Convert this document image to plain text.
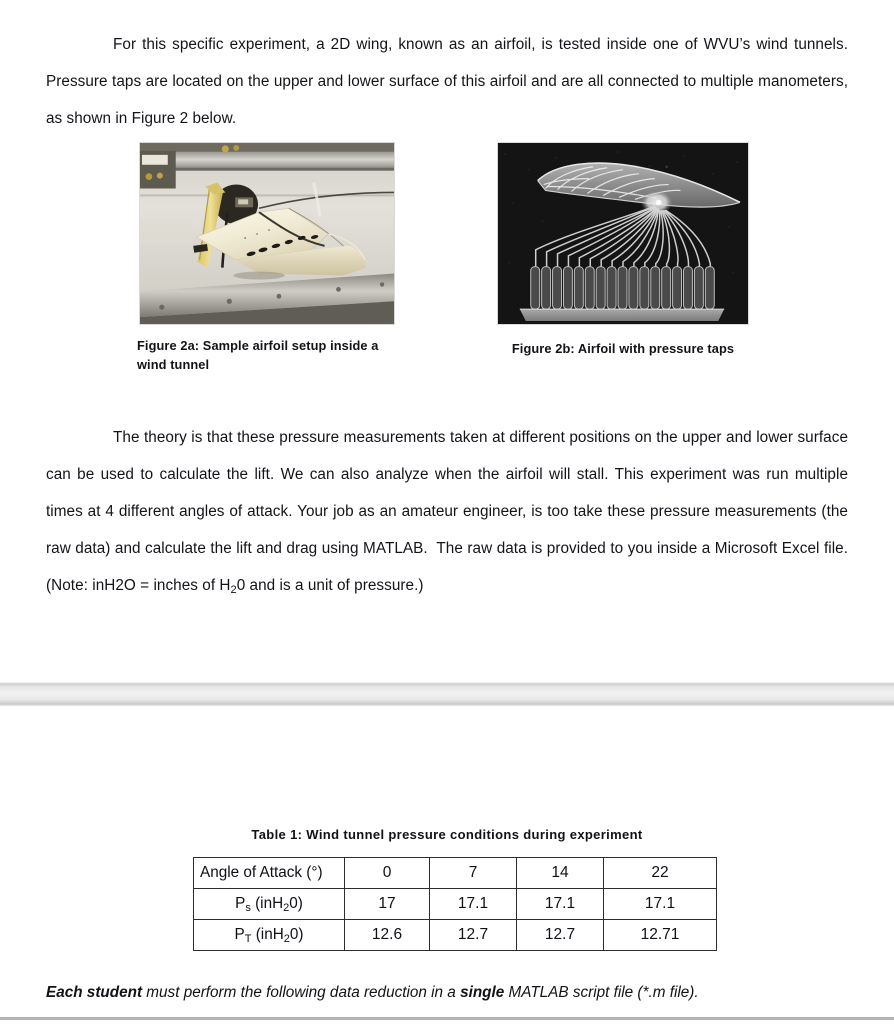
For this specific experiment, a 2D wing, known as an airfoil, is tested inside one of WVU’s wind tunnels. Pressure taps are located on the upper and lower surface of this airfoil and are all connected to multiple manometers, as shown in Figure 2 below.

Figure 2a: Sample airfoil setup inside a wind tunnel
Figure 2b: Airfoil with pressure taps

The theory is that these pressure measurements taken at different positions on the upper and lower surface can be used to calculate the lift. We can also analyze when the airfoil will stall. This experiment was run multiple times at 4 different angles of attack. Your job as an amateur engineer, is too take these pressure measurements (the raw data) and calculate the lift and drag using MATLAB.  The raw data is provided to you inside a Microsoft Excel file. (Note: inH2O = inches of $H_20$ and is a unit of pressure.)

Table 1: Wind tunnel pressure conditions during experiment
Angle of Attack (°)	0	7	14	22
$P_s$ (inH$_2$0)	17	17.1	17.1	17.1
$P_T$ (inH$_2$0)	12.6	12.7	12.7	12.71
Each student must perform the following data reduction in a single MATLAB script file (*.m file).
